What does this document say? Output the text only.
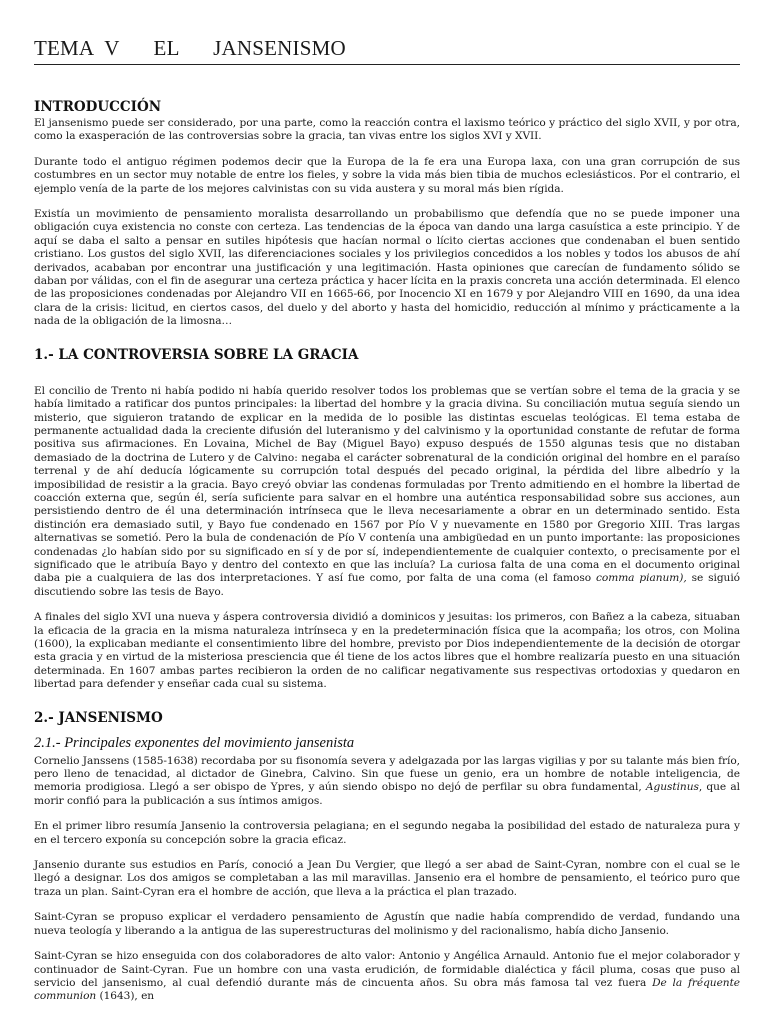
TEMA V   EL   JANSENISMO
INTRODUCCIÓN

El jansenismo puede ser considerado, por una parte, como la reacción contra el laxismo teórico y práctico del siglo XVII, y por otra, como la exasperación de las controversias sobre la gracia, tan vivas entre los siglos XVI y XVII.

Durante todo el antiguo régimen podemos decir que la Europa de la fe era una Europa laxa, con una gran corrupción de sus costumbres en un sector muy notable de entre los fieles, y sobre la vida más bien tibia de muchos eclesiásticos. Por el contrario, el ejemplo venía de la parte de los mejores calvinistas con su vida austera y su moral más bien rígida.

Existía un movimiento de pensamiento moralista desarrollando un probabilismo que defendía que no se puede imponer una obligación cuya existencia no conste con certeza. Las tendencias de la época van dando una larga casuística a este principio. Y de aquí se daba el salto a pensar en sutiles hipótesis que hacían normal o lícito ciertas acciones que condenaban el buen sentido cristiano. Los gustos del siglo XVII, las diferenciaciones sociales y los privilegios concedidos a los nobles y todos los abusos de ahí derivados, acababan por encontrar una justificación y una legitimación. Hasta opiniones que carecían de fundamento sólido se daban por válidas, con el fin de asegurar una certeza práctica y hacer lícita en la praxis concreta una acción determinada. El elenco de las proposiciones condenadas por Alejandro VII en 1665-66, por Inocencio XI en 1679 y por Alejandro VIII en 1690, da una idea clara de la crisis: licitud, en ciertos casos, del duelo y del aborto y hasta del homicidio, reducción al mínimo y prácticamente a la nada de la obligación de la limosna…

1.- LA CONTROVERSIA SOBRE LA GRACIA

El concilio de Trento ni había podido ni había querido resolver todos los problemas que se vertían sobre el tema de la gracia y se había limitado a ratificar dos puntos principales: la libertad del hombre y la gracia divina. Su conciliación mutua seguía siendo un misterio, que siguieron tratando de explicar en la medida de lo posible las distintas escuelas teológicas. El tema estaba de permanente actualidad dada la creciente difusión del luteranismo y del calvinismo y la oportunidad constante de refutar de forma positiva sus afirmaciones. En Lovaina, Michel de Bay (Miguel Bayo) expuso después de 1550 algunas tesis que no distaban demasiado de la doctrina de Lutero y de Calvino: negaba el carácter sobrenatural de la condición original del hombre en el paraíso terrenal y de ahí deducía lógicamente su corrupción total después del pecado original, la pérdida del libre albedrío y la imposibilidad de resistir a la gracia. Bayo creyó obviar las condenas formuladas por Trento admitiendo en el hombre la libertad de coacción externa que, según él, sería suficiente para salvar en el hombre una auténtica responsabilidad sobre sus acciones, aun persistiendo dentro de él una determinación intrínseca que le lleva necesariamente a obrar en un determinado sentido. Esta distinción era demasiado sutil, y Bayo fue condenado en 1567 por Pío V y nuevamente en 1580 por Gregorio XIII. Tras largas alternativas se sometió. Pero la bula de condenación de Pío V contenía una ambigüedad en un punto importante: las proposiciones condenadas ¿lo habían sido por su significado en sí y de por sí, independientemente de cualquier contexto, o precisamente por el significado que le atribuía Bayo y dentro del contexto en que las incluía? La curiosa falta de una coma en el documento original daba pie a cualquiera de las dos interpretaciones. Y así fue como, por falta de una coma (el famoso comma pianum), se siguió discutiendo sobre las tesis de Bayo.

A finales del siglo XVI una nueva y áspera controversia dividió a dominicos y jesuitas: los primeros, con Bañez a la cabeza, situaban la eficacia de la gracia en la misma naturaleza intrínseca y en la predeterminación física que la acompaña; los otros, con Molina (1600), la explicaban mediante el consentimiento libre del hombre, previsto por Dios independientemente de la decisión de otorgar esta gracia y en virtud de la misteriosa presciencia que él tiene de los actos libres que el hombre realizaría puesto en una situación determinada. En 1607 ambas partes recibieron la orden de no calificar negativamente sus respectivas ortodoxias y quedaron en libertad para defender y enseñar cada cual su sistema.

2.- JANSENISMO
2.1.- Principales exponentes del movimiento jansenista

Cornelio Janssens (1585-1638) recordaba por su fisonomía severa y adelgazada por las largas vigilias y por su talante más bien frío, pero lleno de tenacidad, al dictador de Ginebra, Calvino. Sin que fuese un genio, era un hombre de notable inteligencia, de memoria prodigiosa. Llegó a ser obispo de Ypres, y aún siendo obispo no dejó de perfilar su obra fundamental, Agustinus, que al morir confió para la publicación a sus íntimos amigos.

En el primer libro resumía Jansenio la controversia pelagiana; en el segundo negaba la posibilidad del estado de naturaleza pura y en el tercero exponía su concepción sobre la gracia eficaz.

Jansenio durante sus estudios en París, conoció a Jean Du Vergier, que llegó a ser abad de Saint-Cyran, nombre con el cual se le llegó a designar. Los dos amigos se completaban a las mil maravillas. Jansenio era el hombre de pensamiento, el teórico puro que traza un plan. Saint-Cyran era el hombre de acción, que lleva a la práctica el plan trazado.

Saint-Cyran se propuso explicar el verdadero pensamiento de Agustín que nadie había comprendido de verdad, fundando una nueva teología y liberando a la antigua de las superestructuras del molinismo y del racionalismo, había dicho Jansenio.

Saint-Cyran se hizo enseguida con dos colaboradores de alto valor: Antonio y Angélica Arnauld. Antonio fue el mejor colaborador y continuador de Saint-Cyran. Fue un hombre con una vasta erudición, de formidable dialéctica y fácil pluma, cosas que puso al servicio del jansenismo, al cual defendió durante más de cincuenta años. Su obra más famosa tal vez fuera De la fréquente communion (1643), en
